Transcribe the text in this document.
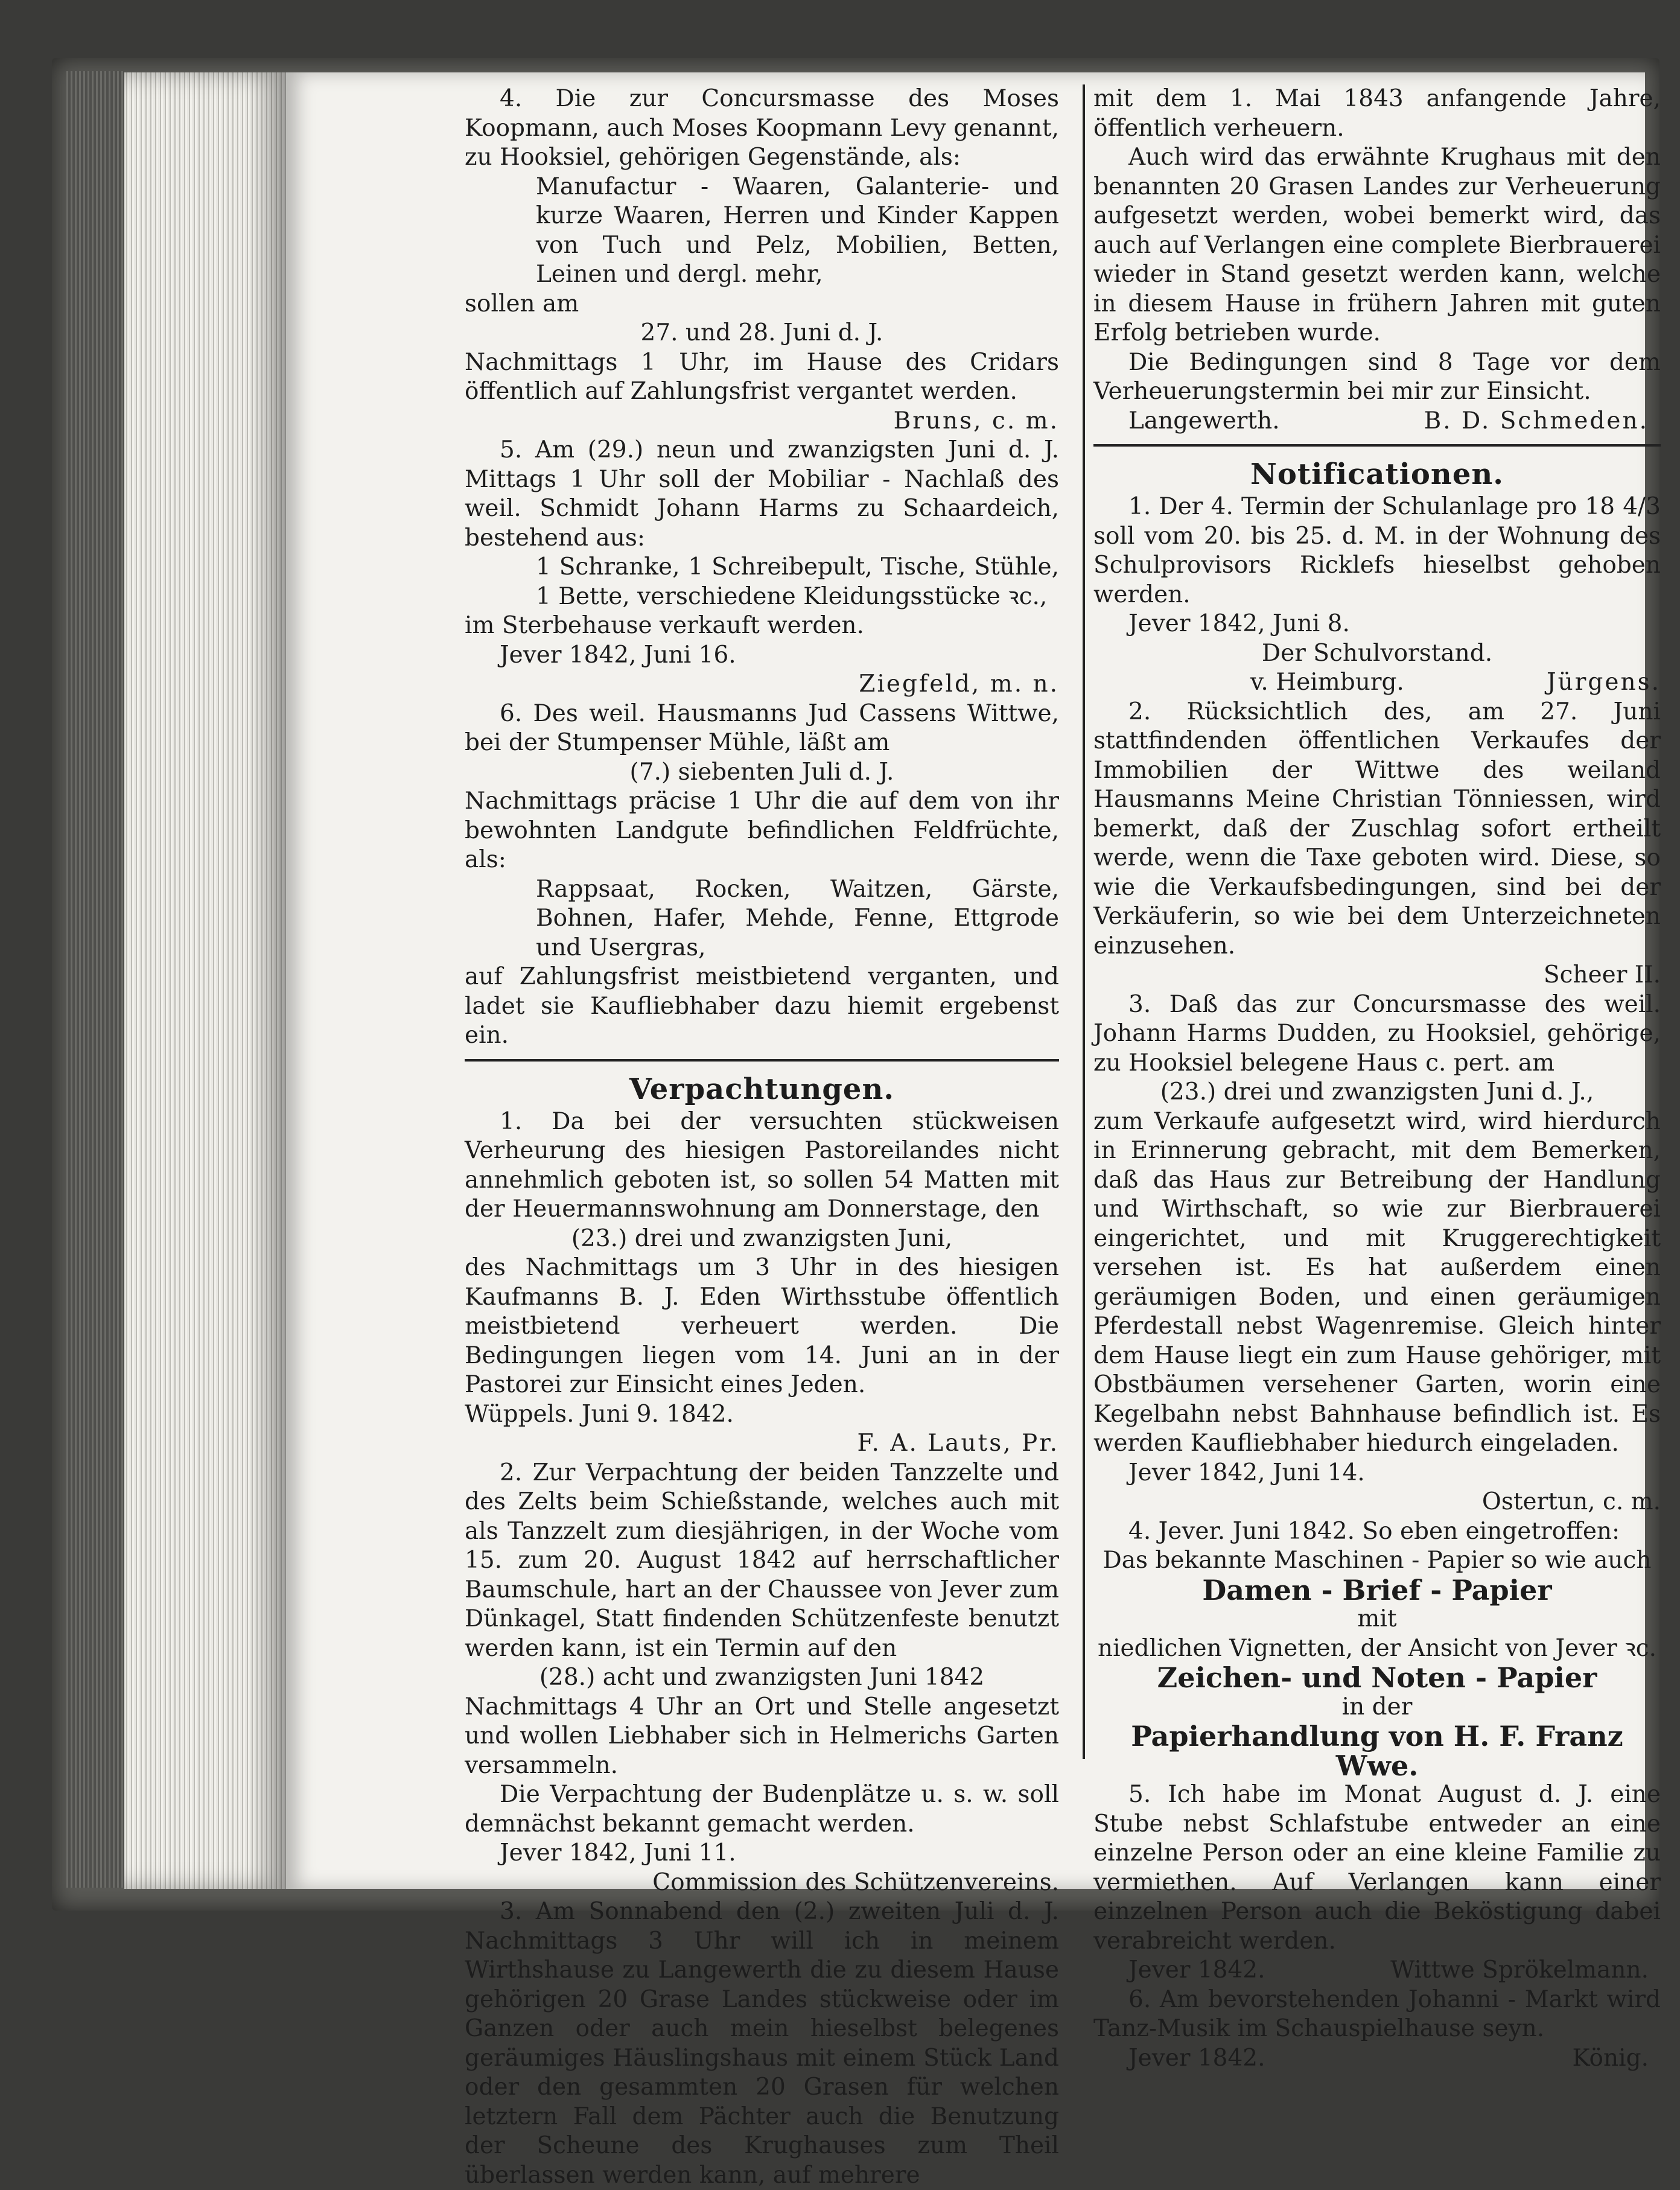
4. Die zur Concursmasse des Moses Koopmann, auch Moses Koopmann Levy genannt, zu Hooksiel, gehörigen Gegenstände, als:

Manufactur - Waaren, Galanterie- und kurze Waaren, Herren und Kinder Kappen von Tuch und Pelz, Mobilien, Betten, Leinen und dergl. mehr,

sollen am

27. und 28. Juni d. J.

Nachmittags 1 Uhr, im Hause des Cridars öffentlich auf Zahlungsfrist vergantet werden.

Bruns, c. m.

5. Am (29.) neun und zwanzigsten Juni d. J. Mittags 1 Uhr soll der Mobiliar - Nachlaß des weil. Schmidt Johann Harms zu Schaardeich, bestehend aus:

1 Schranke, 1 Schreibepult, Tische, Stühle, 1 Bette, verschiedene Kleidungsstücke ꝛc.,

im Sterbehause verkauft werden.

Jever 1842, Juni 16.

Ziegfeld, m. n.

6. Des weil. Hausmanns Jud Cassens Wittwe, bei der Stumpenser Mühle, läßt am

(7.) siebenten Juli d. J.

Nachmittags präcise 1 Uhr die auf dem von ihr bewohnten Landgute befindlichen Feldfrüchte, als:

Rappsaat, Rocken, Waitzen, Gärste, Bohnen, Hafer, Mehde, Fenne, Ettgrode und Usergras,

auf Zahlungsfrist meistbietend verganten, und ladet sie Kaufliebhaber dazu hiemit ergebenst ein.

Verpachtungen.

1. Da bei der versuchten stückweisen Verheurung des hiesigen Pastoreilandes nicht annehmlich geboten ist, so sollen 54 Matten mit der Heuermannswohnung am Donnerstage, den

(23.) drei und zwanzigsten Juni,

des Nachmittags um 3 Uhr in des hiesigen Kaufmanns B. J. Eden Wirthsstube öffentlich meistbietend verheuert werden. Die Bedingungen liegen vom 14. Juni an in der Pastorei zur Einsicht eines Jeden.

Wüppels. Juni 9. 1842.

F. A. Lauts, Pr.

2. Zur Verpachtung der beiden Tanzzelte und des Zelts beim Schießstande, welches auch mit als Tanzzelt zum diesjährigen, in der Woche vom 15. zum 20. August 1842 auf herrschaftlicher Baumschule, hart an der Chaussee von Jever zum Dünkagel, Statt findenden Schützenfeste benutzt werden kann, ist ein Termin auf den

(28.) acht und zwanzigsten Juni 1842

Nachmittags 4 Uhr an Ort und Stelle angesetzt und wollen Liebhaber sich in Helmerichs Garten versammeln.

Die Verpachtung der Budenplätze u. s. w. soll demnächst bekannt gemacht werden.

Jever 1842, Juni 11.

Commission des Schützenvereins.

3. Am Sonnabend den (2.) zweiten Juli d. J. Nachmittags 3 Uhr will ich in meinem Wirthshause zu Langewerth die zu diesem Hause gehörigen 20 Grase Landes stückweise oder im Ganzen oder auch mein hieselbst belegenes geräumiges Häuslingshaus mit einem Stück Land oder den gesammten 20 Grasen für welchen letztern Fall dem Pächter auch die Benutzung der Scheune des Krughauses zum Theil überlassen werden kann, auf mehrere

mit dem 1. Mai 1843 anfangende Jahre, öffentlich verheuern.

Auch wird das erwähnte Krughaus mit den benannten 20 Grasen Landes zur Verheuerung aufgesetzt werden, wobei bemerkt wird, das auch auf Verlangen eine complete Bierbrauerei wieder in Stand gesetzt werden kann, welche in diesem Hause in frühern Jahren mit guten Erfolg betrieben wurde.

Die Bedingungen sind 8 Tage vor dem Verheuerungstermin bei mir zur Einsicht.

Langewerth.	B. D. Schmeden.

Notificationen.

1. Der 4. Termin der Schulanlage pro 18 4/3 soll vom 20. bis 25. d. M. in der Wohnung des Schulprovisors Ricklefs hieselbst gehoben werden.

Jever 1842, Juni 8.

Der Schulvorstand.

v. Heimburg.	Jürgens.

2. Rücksichtlich des, am 27. Juni stattfindenden öffentlichen Verkaufes der Immobilien der Wittwe des weiland Hausmanns Meine Christian Tönniessen, wird bemerkt, daß der Zuschlag sofort ertheilt werde, wenn die Taxe geboten wird. Diese, so wie die Verkaufsbedingungen, sind bei der Verkäuferin, so wie bei dem Unterzeichneten einzusehen.

Scheer II.

3. Daß das zur Concursmasse des weil. Johann Harms Dudden, zu Hooksiel, gehörige, zu Hooksiel belegene Haus c. pert. am

(23.) drei und zwanzigsten Juni d. J.,

zum Verkaufe aufgesetzt wird, wird hierdurch in Erinnerung gebracht, mit dem Bemerken, daß das Haus zur Betreibung der Handlung und Wirthschaft, so wie zur Bierbrauerei eingerichtet, und mit Kruggerechtigkeit versehen ist. Es hat außerdem einen geräumigen Boden, und einen geräumigen Pferdestall nebst Wagenremise. Gleich hinter dem Hause liegt ein zum Hause gehöriger, mit Obstbäumen versehener Garten, worin eine Kegelbahn nebst Bahnhause befindlich ist. Es werden Kaufliebhaber hiedurch eingeladen.

Jever 1842, Juni 14.

Ostertun, c. m.

4. Jever. Juni 1842. So eben eingetroffen:

Das bekannte Maschinen - Papier so wie auch

Damen - Brief - Papier

mit

niedlichen Vignetten, der Ansicht von Jever ꝛc.

Zeichen- und Noten - Papier

in der

Papierhandlung von H. F. Franz Wwe.

5. Ich habe im Monat August d. J. eine Stube nebst Schlafstube entweder an eine einzelne Person oder an eine kleine Familie zu vermiethen. Auf Verlangen kann einer einzelnen Person auch die Beköstigung dabei verabreicht werden.

Jever 1842.	Wittwe Sprökelmann.

6. Am bevorstehenden Johanni - Markt wird Tanz-Musik im Schauspielhause seyn.

Jever 1842.	König.
